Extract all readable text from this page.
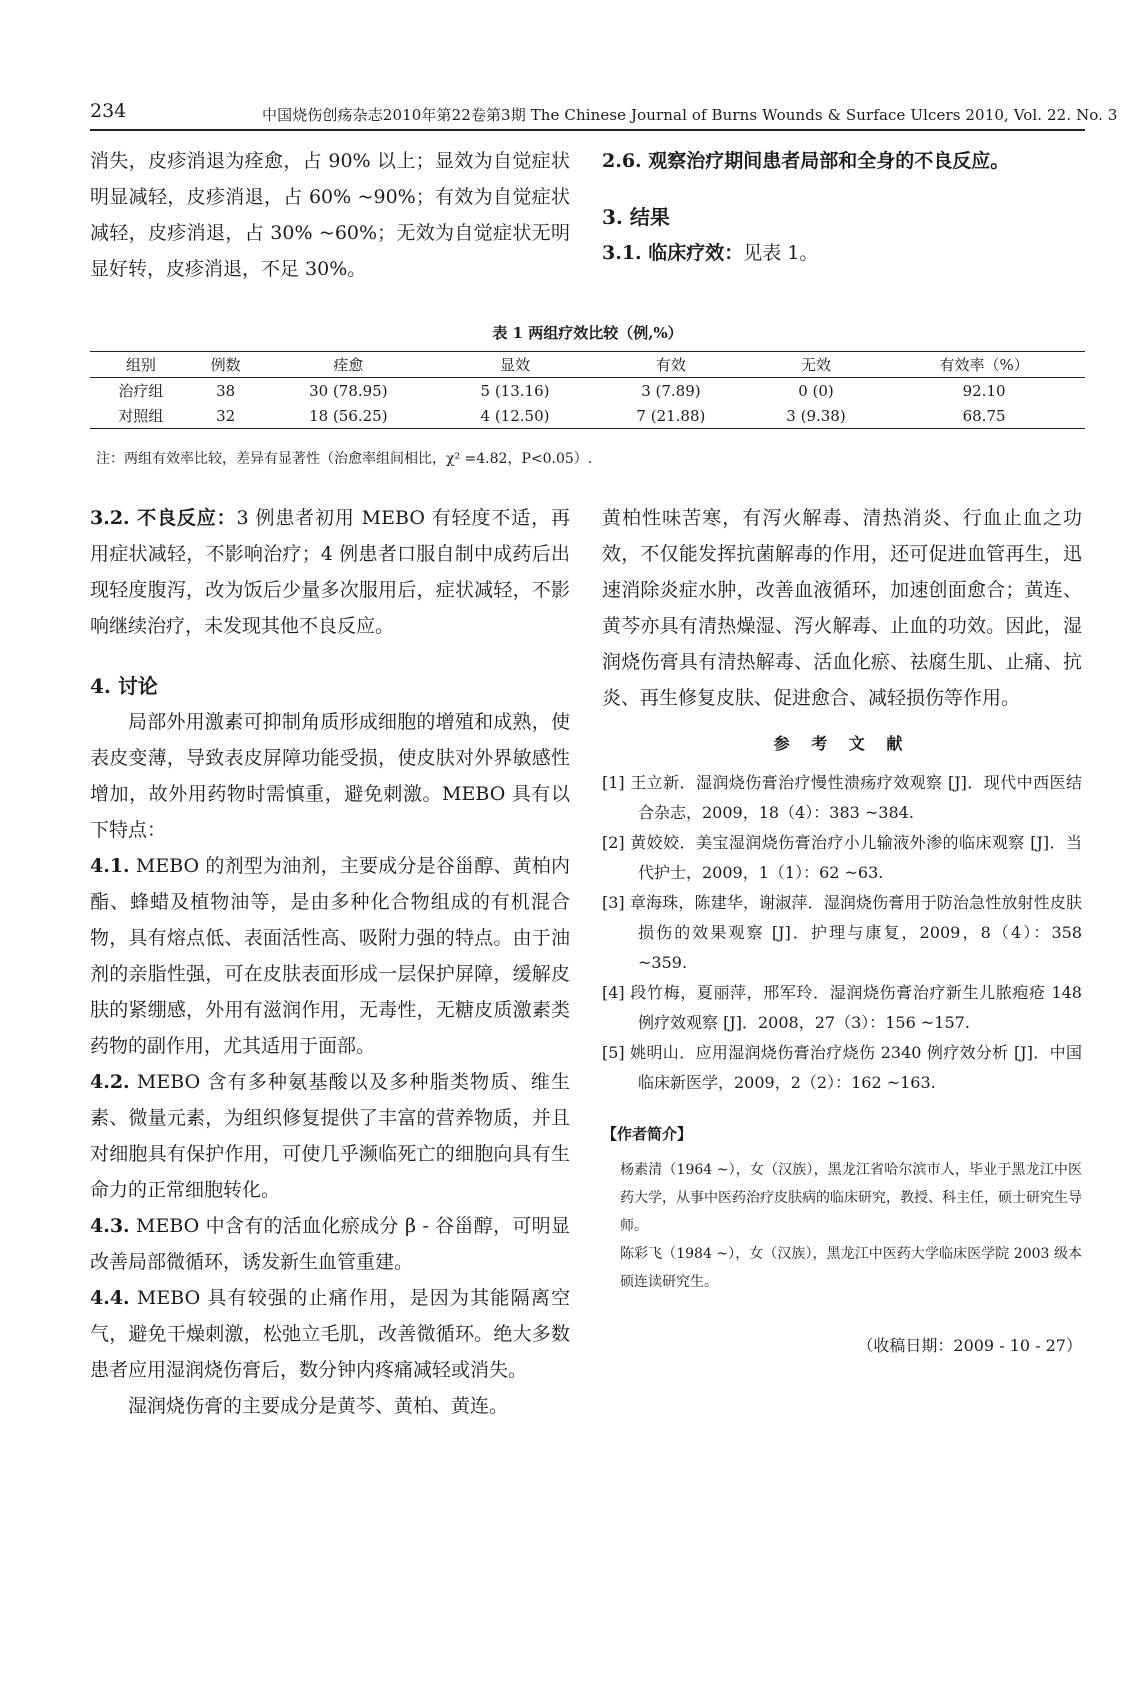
234	中国烧伤创疡杂志2010年第22卷第3期 The Chinese Journal of Burns Wounds & Surface Ulcers 2010, Vol. 22. No. 3

消失，皮疹消退为痊愈，占 90% 以上；显效为自觉症状明显减轻，皮疹消退，占 60% ~90%；有效为自觉症状减轻，皮疹消退，占 30% ~60%；无效为自觉症状无明显好转，皮疹消退，不足 30%。

2.6. 观察治疗期间患者局部和全身的不良反应。

3. 结果

3.1. 临床疗效：见表 1。

表 1 两组疗效比较（例,%）
组别	例数	痊愈	显效	有效	无效	有效率（%）
治疗组	38	30 (78.95)	5 (13.16)	3 (7.89)	0 (0)	92.10
对照组	32	18 (56.25)	4 (12.50)	7 (21.88)	3 (9.38)	68.75
注：两组有效率比较，差异有显著性（治愈率组间相比，χ² =4.82，P<0.05）.

3.2. 不良反应：3 例患者初用 MEBO 有轻度不适，再用症状减轻，不影响治疗；4 例患者口服自制中成药后出现轻度腹泻，改为饭后少量多次服用后，症状减轻，不影响继续治疗，未发现其他不良反应。

4. 讨论

局部外用激素可抑制角质形成细胞的增殖和成熟，使表皮变薄，导致表皮屏障功能受损，使皮肤对外界敏感性增加，故外用药物时需慎重，避免刺激。MEBO 具有以下特点：

4.1. MEBO 的剂型为油剂，主要成分是谷甾醇、黄柏内酯、蜂蜡及植物油等，是由多种化合物组成的有机混合物，具有熔点低、表面活性高、吸附力强的特点。由于油剂的亲脂性强，可在皮肤表面形成一层保护屏障，缓解皮肤的紧绷感，外用有滋润作用，无毒性，无糖皮质激素类药物的副作用，尤其适用于面部。

4.2. MEBO 含有多种氨基酸以及多种脂类物质、维生素、微量元素，为组织修复提供了丰富的营养物质，并且对细胞具有保护作用，可使几乎濒临死亡的细胞向具有生命力的正常细胞转化。

4.3. MEBO 中含有的活血化瘀成分 β - 谷甾醇，可明显改善局部微循环，诱发新生血管重建。

4.4. MEBO 具有较强的止痛作用，是因为其能隔离空气，避免干燥刺激，松弛立毛肌，改善微循环。绝大多数患者应用湿润烧伤膏后，数分钟内疼痛减轻或消失。

湿润烧伤膏的主要成分是黄芩、黄柏、黄连。

黄柏性味苦寒，有泻火解毒、清热消炎、行血止血之功效，不仅能发挥抗菌解毒的作用，还可促进血管再生，迅速消除炎症水肿，改善血液循环，加速创面愈合；黄连、黄芩亦具有清热燥湿、泻火解毒、止血的功效。因此，湿润烧伤膏具有清热解毒、活血化瘀、祛腐生肌、止痛、抗炎、再生修复皮肤、促进愈合、减轻损伤等作用。

参 考 文 献

[1] 王立新．湿润烧伤膏治疗慢性溃疡疗效观察 [J]．现代中西医结合杂志，2009，18（4）：383 ~384.

[2] 黄姣姣．美宝湿润烧伤膏治疗小儿输液外渗的临床观察 [J]．当代护士，2009，1（1）：62 ~63.

[3] 章海珠，陈建华，谢淑萍．湿润烧伤膏用于防治急性放射性皮肤损伤的效果观察 [J]．护理与康复，2009，8（4）：358 ~359.

[4] 段竹梅，夏丽萍，邢军玲．湿润烧伤膏治疗新生儿脓疱疮 148 例疗效观察 [J]．2008，27（3）：156 ~157.

[5] 姚明山．应用湿润烧伤膏治疗烧伤 2340 例疗效分析 [J]．中国临床新医学，2009，2（2）：162 ~163.

【作者简介】

杨素清（1964 ~），女（汉族），黑龙江省哈尔滨市人，毕业于黑龙江中医药大学，从事中医药治疗皮肤病的临床研究，教授、科主任，硕士研究生导师。

陈彩飞（1984 ~），女（汉族），黑龙江中医药大学临床医学院 2003 级本硕连读研究生。

（收稿日期：2009 - 10 - 27）
